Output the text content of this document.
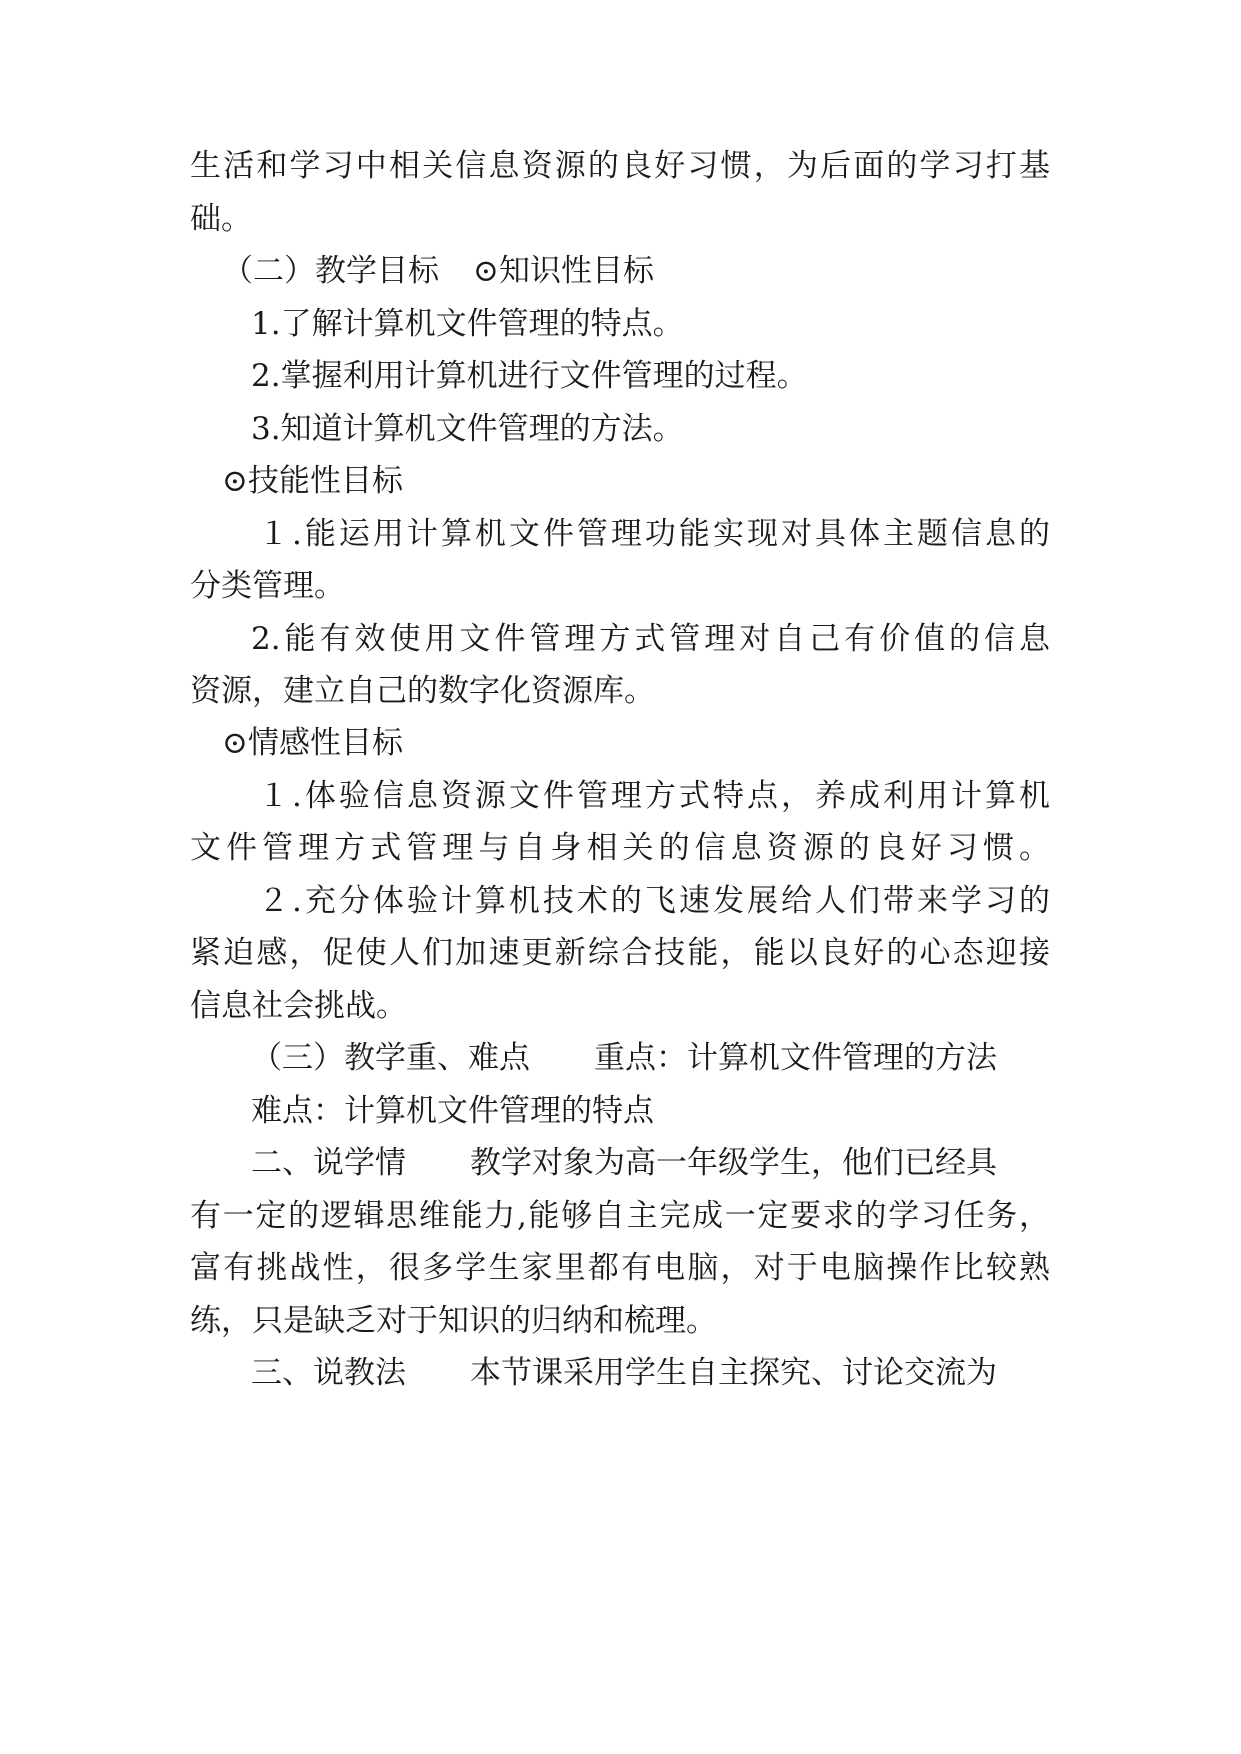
生活和学习中相关信息资源的良好习惯，为后面的学习打基
础。
（二）教学目标 ⊙知识性目标
1.了解计算机文件管理的特点。
2.掌握利用计算机进行文件管理的过程。
3.知道计算机文件管理的方法。
⊙技能性目标
１.能运用计算机文件管理功能实现对具体主题信息的
分类管理。
2.能有效使用文件管理方式管理对自己有价值的信息
资源，建立自己的数字化资源库。
⊙情感性目标
１.体验信息资源文件管理方式特点，养成利用计算机
文件管理方式管理与自身相关的信息资源的良好习惯。
２.充分体验计算机技术的飞速发展给人们带来学习的
紧迫感，促使人们加速更新综合技能，能以良好的心态迎接
信息社会挑战。
（三）教学重、难点 重点：计算机文件管理的方法
难点：计算机文件管理的特点
二、说学情 教学对象为高一年级学生，他们已经具
有一定的逻辑思维能力,能够自主完成一定要求的学习任务，
富有挑战性，很多学生家里都有电脑，对于电脑操作比较熟
练，只是缺乏对于知识的归纳和梳理。
三、说教法 本节课采用学生自主探究、讨论交流为
